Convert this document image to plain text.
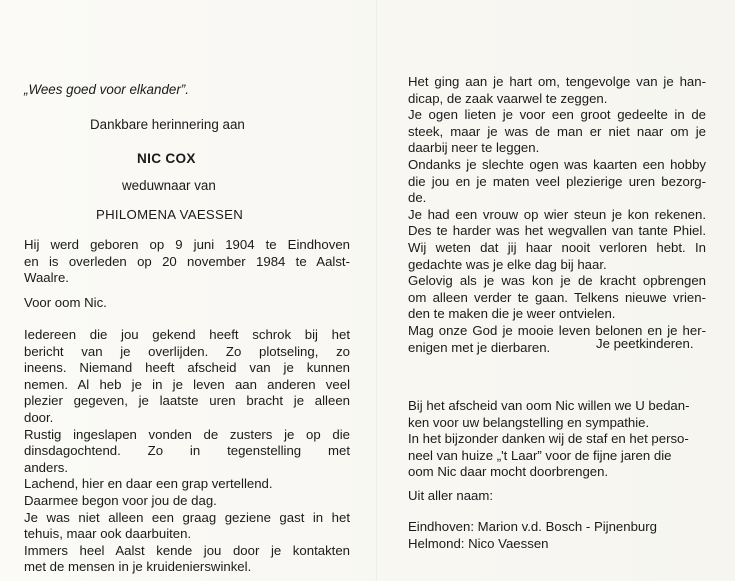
„Wees goed voor elkander”.
Dankbare herinnering aan
NIC COX
weduwnaar van
PHILOMENA VAESSEN
Hij werd geboren op 9 juni 1904 te Eindhoven
en is overleden op 20 november 1984 te Aalst-
Waalre.
Voor oom Nic.
Iedereen die jou gekend heeft schrok bij het
bericht van je overlijden. Zo plotseling, zo
ineens. Niemand heeft afscheid van je kunnen
nemen. Al heb je in je leven aan anderen veel
plezier gegeven, je laatste uren bracht je alleen
door.
Rustig ingeslapen vonden de zusters je op die
dinsdagochtend. Zo in tegenstelling met
anders.
Lachend, hier en daar een grap vertellend.
Daarmee begon voor jou de dag.
Je was niet alleen een graag geziene gast in het
tehuis, maar ook daarbuiten.
Immers heel Aalst kende jou door je kontakten
met de mensen in je kruidenierswinkel.
Het ging aan je hart om, tengevolge van je han-
dicap, de zaak vaarwel te zeggen.
Je ogen lieten je voor een groot gedeelte in de
steek, maar je was de man er niet naar om je
daarbij neer te leggen.
Ondanks je slechte ogen was kaarten een hobby
die jou en je maten veel plezierige uren bezorg-
de.
Je had een vrouw op wier steun je kon rekenen.
Des te harder was het wegvallen van tante Phiel.
Wij weten dat jij haar nooit verloren hebt. In
gedachte was je elke dag bij haar.
Gelovig als je was kon je de kracht opbrengen
om alleen verder te gaan. Telkens nieuwe vrien-
den te maken die je weer ontvielen.
Mag onze God je mooie leven belonen en je her-
enigen met je dierbaren.	Je peetkinderen.
Bij het afscheid van oom Nic willen we U bedan-
ken voor uw belangstelling en sympathie.
In het bijzonder danken wij de staf en het perso-
neel van huize „'t Laar” voor de fijne jaren die
oom Nic daar mocht doorbrengen.
Uit aller naam:
Eindhoven: Marion v.d. Bosch - Pijnenburg
Helmond: Nico Vaessen
